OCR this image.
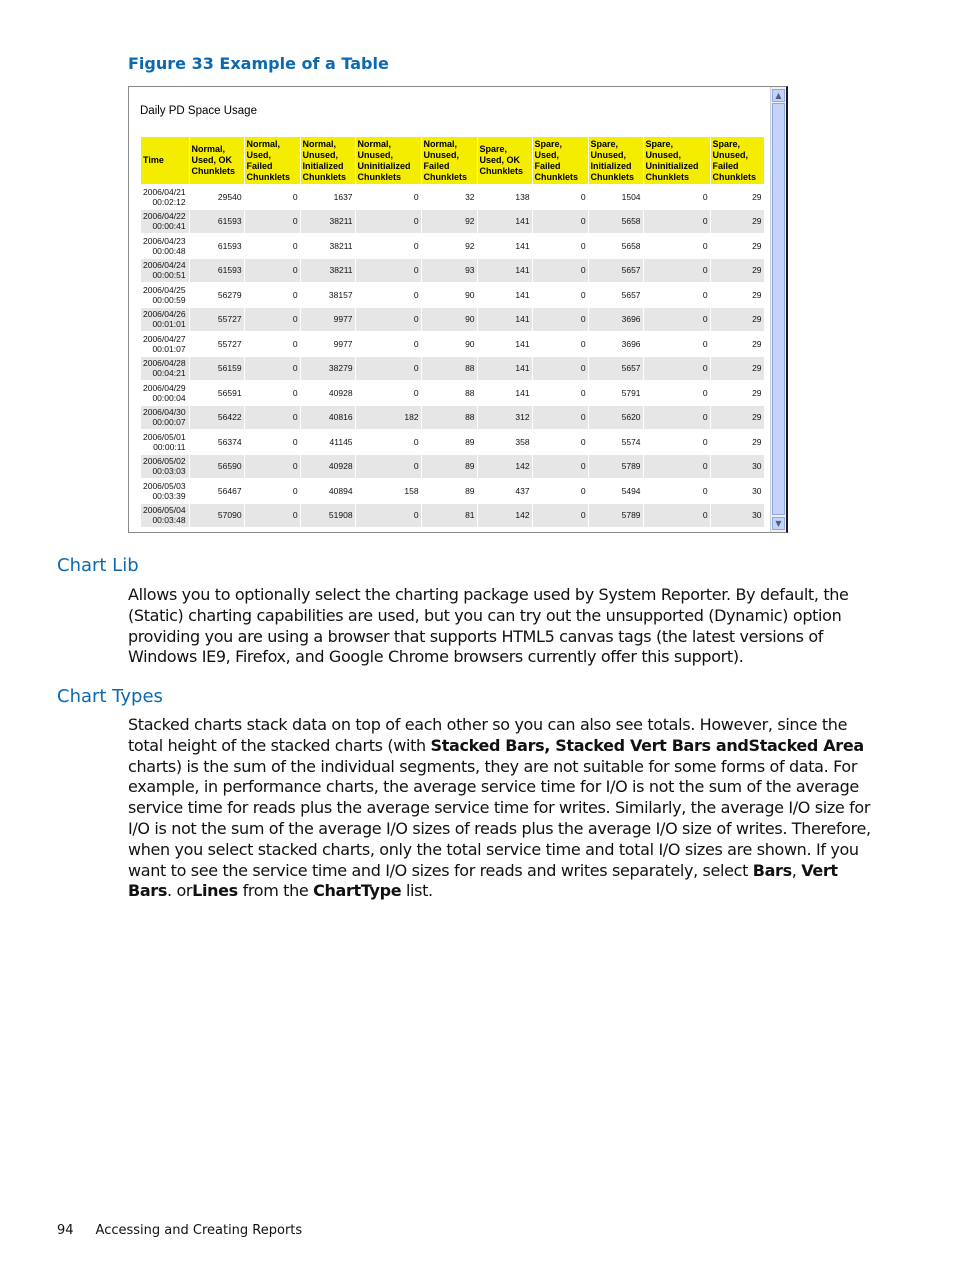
Figure 33 Example of a Table
Daily PD Space Usage
Time	Normal, Used, OK Chunklets	Normal, Used, Failed Chunklets	Normal, Unused, Initialized Chunklets	Normal, Unused, Uninitialized Chunklets	Normal, Unused, Failed Chunklets	Spare, Used, OK Chunklets	Spare, Used, Failed Chunklets	Spare, Unused, Initialized Chunklets	Spare, Unused, Uninitialized Chunklets	Spare, Unused, Failed Chunklets
2006/04/21 00:02:12	29540	0	1637	0	32	138	0	1504	0	29
2006/04/22 00:00:41	61593	0	38211	0	92	141	0	5658	0	29
2006/04/23 00:00:48	61593	0	38211	0	92	141	0	5658	0	29
2006/04/24 00:00:51	61593	0	38211	0	93	141	0	5657	0	29
2006/04/25 00:00:59	56279	0	38157	0	90	141	0	5657	0	29
2006/04/26 00:01:01	55727	0	9977	0	90	141	0	3696	0	29
2006/04/27 00:01:07	55727	0	9977	0	90	141	0	3696	0	29
2006/04/28 00:04:21	56159	0	38279	0	88	141	0	5657	0	29
2006/04/29 00:00:04	56591	0	40928	0	88	141	0	5791	0	29
2006/04/30 00:00:07	56422	0	40816	182	88	312	0	5620	0	29
2006/05/01 00:00:11	56374	0	41145	0	89	358	0	5574	0	29
2006/05/02 00:03:03	56590	0	40928	0	89	142	0	5789	0	30
2006/05/03 00:03:39	56467	0	40894	158	89	437	0	5494	0	30
2006/05/04 00:03:48	57090	0	51908	0	81	142	0	5789	0	30
▲
▼
Chart Lib
Allows you to optionally select the charting package used by System Reporter. By default, the (Static) charting capabilities are used, but you can try out the unsupported (Dynamic) option providing you are using a browser that supports HTML5 canvas tags (the latest versions of Windows IE9, Firefox, and Google Chrome browsers currently offer this support).
Chart Types
Stacked charts stack data on top of each other so you can also see totals. However, since the total height of the stacked charts (with Stacked Bars, Stacked Vert Bars andStacked Area charts) is the sum of the individual segments, they are not suitable for some forms of data. For example, in performance charts, the average service time for I/O is not the sum of the average service time for reads plus the average service time for writes. Similarly, the average I/O size for I/O is not the sum of the average I/O sizes of reads plus the average I/O size of writes. Therefore, when you select stacked charts, only the total service time and total I/O sizes are shown. If you want to see the service time and I/O sizes for reads and writes separately, select Bars, Vert Bars. orLines from the ChartType list.
94 Accessing and Creating Reports
